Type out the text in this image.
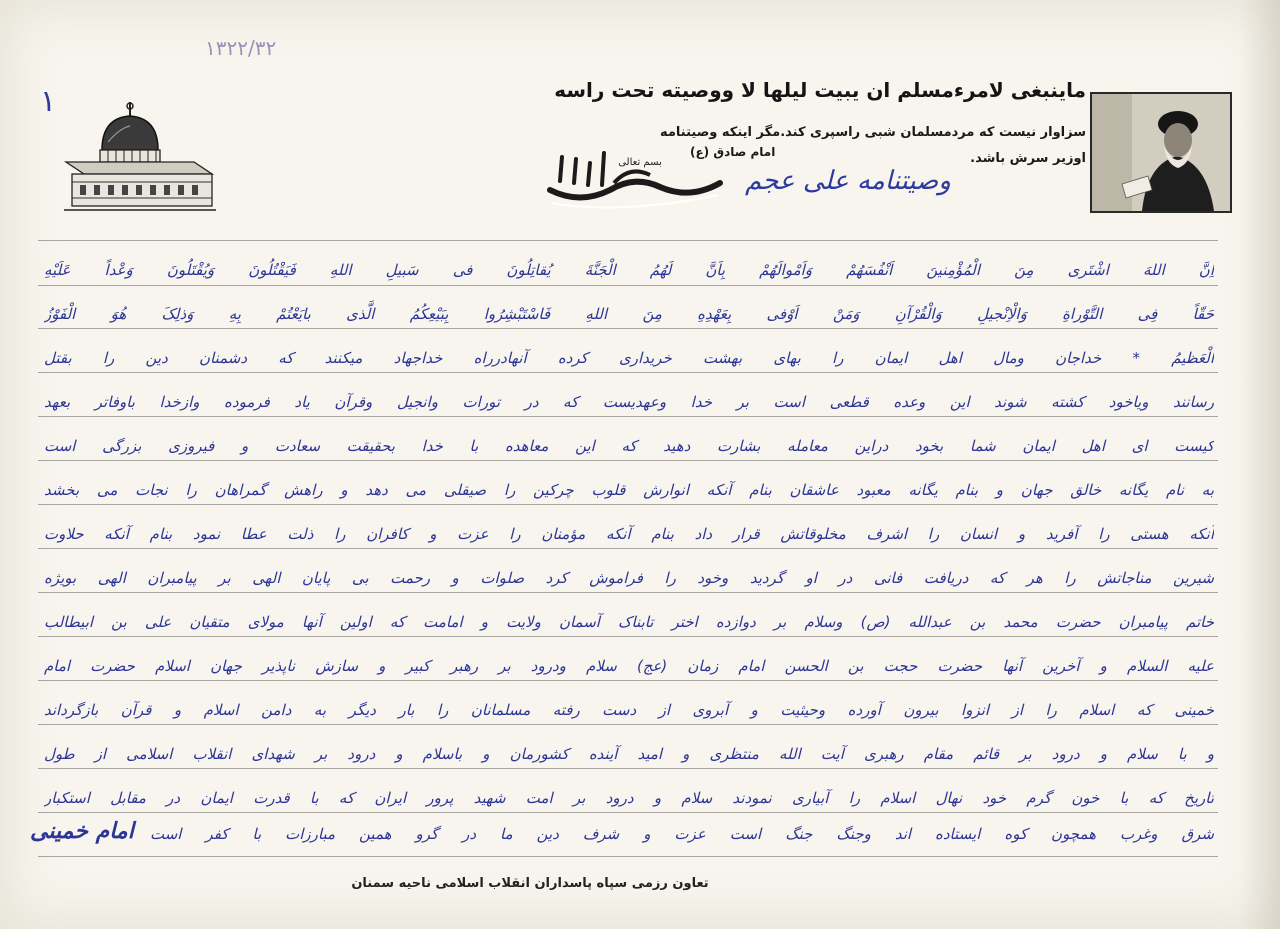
۱۳۲۲/۳۲
۱
بسم تعالی
ماینبغی لامرءمسلم ان یبیت لیلها لا ووصیته تحت راسه
سزاوار نیست که مردمسلمان شبی راسپری کند.مگر اینکه وصیتنامه
اوزیر سرش باشد.
امام صادق (ع)
وصیتنامه علی عجم
اِنَّ اللهَ اشْتَری مِنَ الْمُؤْمِنینَ اَنْفُسَهُمْ وَاَمْوالَهُمْ بِاَنَّ لَهُمُ الْجَنَّةَ یُقاتِلُونَ فی سَبیلِ اللهِ فَیَقْتُلُونَ وَیُقْتَلُونَ وَعْداً عَلَیْهِ
حَقّاً فِی التَّوْراةِ وَالْاِنْجیلِ وَالْقُرْآنِ وَمَنْ اَوْفی بِعَهْدِهِ مِنَ اللهِ فَاسْتَبْشِرُوا بِبَیْعِکُمُ الَّذی بایَعْتُمْ بِهِ وَذلِکَ هُوَ الْفَوْزُ
الْعَظیمُ * خداجان ومال اهل ایمان را بهای بهشت خریداری کرده آنهادرراه خداجهاد میکنند که دشمنان دین را بقتل
رسانند ویاخود کشته شوند این وعده قطعی است بر خدا وعهدیست که در تورات وانجیل وقرآن یاد فرموده وازخدا باوفاتر بعهد
کیست ای اهل ایمان شما بخود دراین معامله بشارت دهید که این معاهده با خدا بحقیقت سعادت و فیروزی بزرگی است
به نام یگانه خالق جهان و بنام یگانه معبود عاشقان بنام آنکه انوارش قلوب چرکین را صیقلی می دهد و راهش گمراهان را نجات می بخشد
آنکه هستی را آفرید و انسان را اشرف مخلوقاتش قرار داد بنام آنکه مؤمنان را عزت و کافران را ذلت عطا نمود بنام آنکه حلاوت
شیرین مناجاتش را هر که دریافت فانی در او گردید وخود را فراموش کرد صلوات و رحمت بی پایان الهی بر پیامبران الهی بویژه
خاتم پیامبران حضرت محمد بن عبدالله (ص) وسلام بر دوازده اختر تابناک آسمان ولایت و امامت که اولین آنها مولای متقیان علی بن ابیطالب
علیه السلام و آخرین آنها حضرت حجت بن الحسن امام زمان (عج) سلام ودرود بر رهبر کبیر و سازش ناپذیر جهان اسلام حضرت امام
خمینی که اسلام را از انزوا بیرون آورده وحیثیت و آبروی از دست رفته مسلمانان را بار دیگر به دامن اسلام و قرآن بازگرداند
و با سلام و درود بر قائم مقام رهبری آیت الله منتظری و امید آینده کشورمان و باسلام و درود بر شهدای انقلاب اسلامی از طول
تاریخ که با خون گرم خود نهال اسلام را آبیاری نمودند سلام و درود بر امت شهید پرور ایران که با قدرت ایمان در مقابل استکبار
شرق وغرب همچون کوه ایستاده اند وجنگ جنگ است عزت و شرف دین ما در گرو همین مبارزات با کفر است
امام خمینی
تعاون رزمی سپاه پاسداران انقلاب اسلامی ناحیه سمنان
